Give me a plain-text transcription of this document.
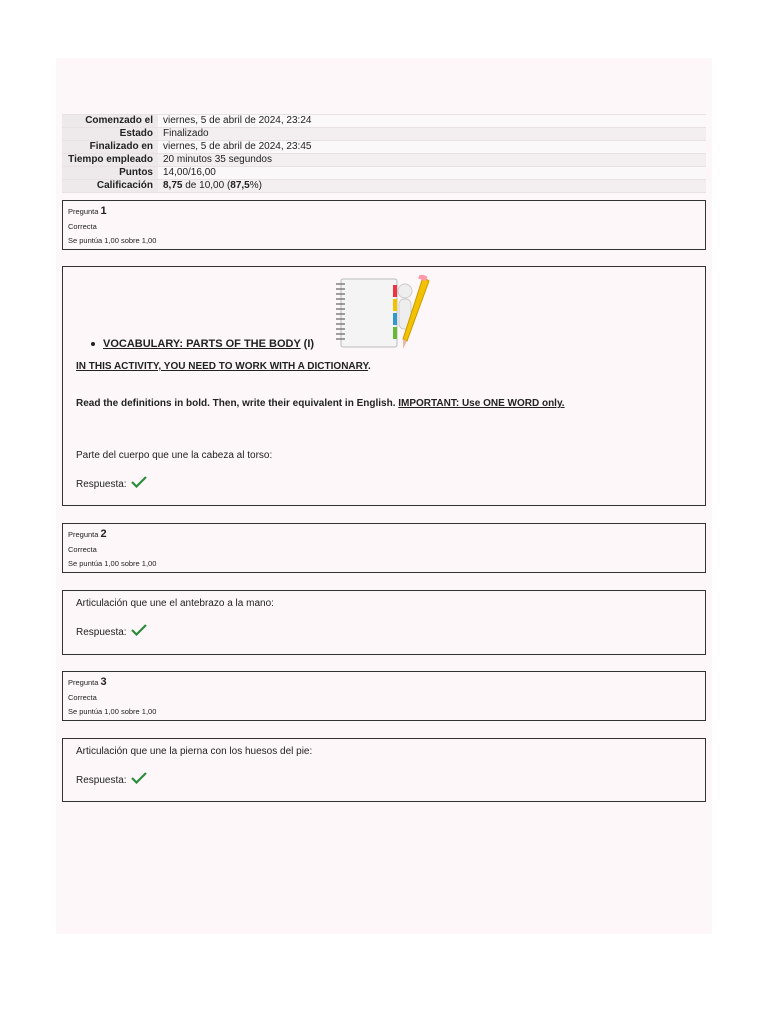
Comenzado el	viernes, 5 de abril de 2024, 23:24
Estado	Finalizado
Finalizado en	viernes, 5 de abril de 2024, 23:45
Tiempo empleado	20 minutos 35 segundos
Puntos	14,00/16,00
Calificación	8,75 de 10,00 (87,5%)
Pregunta 1
Correcta
Se puntúa 1,00 sobre 1,00
VOCABULARY: PARTS OF THE BODY (I)
IN THIS ACTIVITY, YOU NEED TO WORK WITH A DICTIONARY.
Read the definitions in bold. Then, write their equivalent in English. IMPORTANT: Use ONE WORD only.
Parte del cuerpo que une la cabeza al torso:
Respuesta:
Pregunta 2
Correcta
Se puntúa 1,00 sobre 1,00
Articulación que une el antebrazo a la mano:
Respuesta:
Pregunta 3
Correcta
Se puntúa 1,00 sobre 1,00
Articulación que une la pierna con los huesos del pie:
Respuesta:
